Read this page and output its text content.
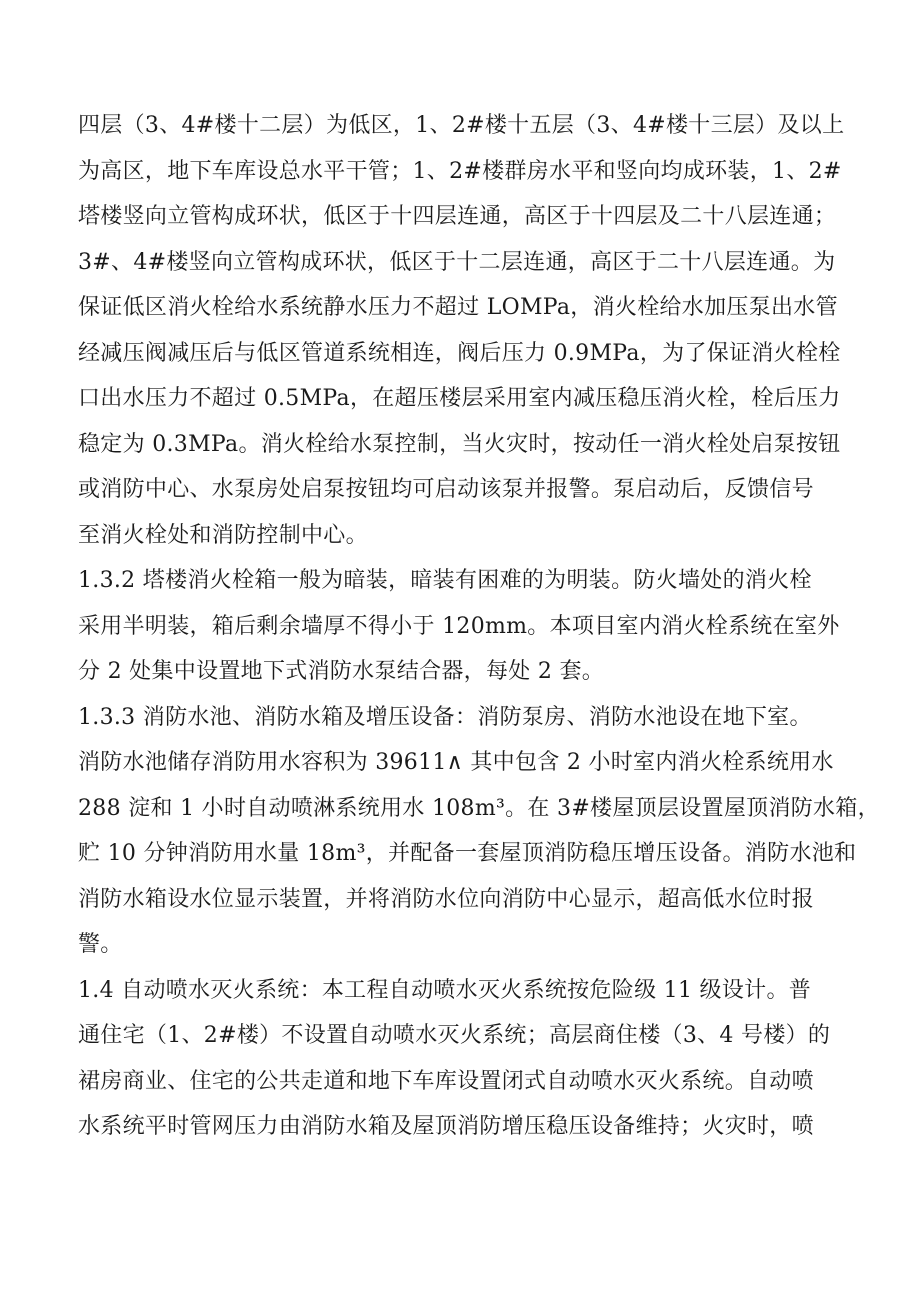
四层（3、4#楼十二层）为低区，1、2#楼十五层（3、4#楼十三层）及以上
为高区，地下车库设总水平干管；1、2#楼群房水平和竖向均成环装，1、2#
塔楼竖向立管构成环状，低区于十四层连通，高区于十四层及二十八层连通；
3#、4#楼竖向立管构成环状，低区于十二层连通，高区于二十八层连通。为
保证低区消火栓给水系统静水压力不超过 LOMPa，消火栓给水加压泵出水管
经减压阀减压后与低区管道系统相连，阀后压力 0.9MPa，为了保证消火栓栓
口出水压力不超过 0.5MPa，在超压楼层采用室内减压稳压消火栓，栓后压力
稳定为 0.3MPa。消火栓给水泵控制，当火灾时，按动任一消火栓处启泵按钮
或消防中心、水泵房处启泵按钮均可启动该泵并报警。泵启动后，反馈信号
至消火栓处和消防控制中心。
1.3.2 塔楼消火栓箱一般为暗装，暗装有困难的为明装。防火墙处的消火栓
采用半明装，箱后剩余墙厚不得小于 120mm。本项目室内消火栓系统在室外
分 2 处集中设置地下式消防水泵结合器，每处 2 套。
1.3.3 消防水池、消防水箱及增压设备：消防泵房、消防水池设在地下室。
消防水池储存消防用水容积为 39611∧ 其中包含 2 小时室内消火栓系统用水
288 淀和 1 小时自动喷淋系统用水 108m³。在 3#楼屋顶层设置屋顶消防水箱，
贮 10 分钟消防用水量 18m³，并配备一套屋顶消防稳压增压设备。消防水池和
消防水箱设水位显示装置，并将消防水位向消防中心显示，超高低水位时报
警。
1.4 自动喷水灭火系统：本工程自动喷水灭火系统按危险级 11 级设计。普
通住宅（1、2#楼）不设置自动喷水灭火系统；高层商住楼（3、4 号楼）的
裙房商业、住宅的公共走道和地下车库设置闭式自动喷水灭火系统。自动喷
水系统平时管网压力由消防水箱及屋顶消防增压稳压设备维持；火灾时，喷
